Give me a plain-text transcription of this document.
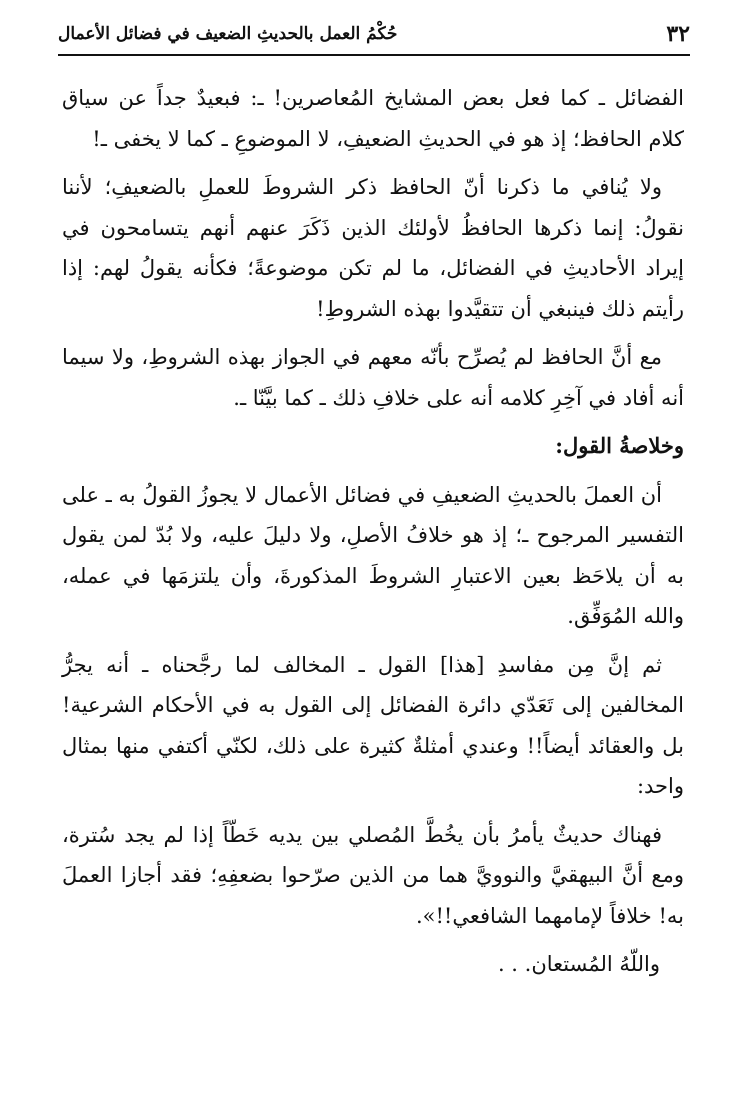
٣٢
حُكْمُ العمل بالحديثِ الضعيف في فضائل الأعمال

الفضائل ـ كما فعل بعض المشايخ المُعاصرين! ـ: فبعيدٌ جداً عن سياق كلام الحافظ؛ إذ هو في الحديثِ الضعيفِ، لا الموضوعِ ـ كما لا يخفى ـ!

ولا يُنافي ما ذكرنا أنّ الحافظ ذكر الشروطَ للعملِ بالضعيفِ؛ لأننا نقولُ: إنما ذكرها الحافظُ لأولئك الذين ذَكَرَ عنهم أنهم يتسامحون في إيراد الأحاديثِ في الفضائل، ما لم تكن موضوعةً؛ فكأنه يقولُ لهم: إذا رأيتم ذلك فينبغي أن تتقيَّدوا بهذه الشروطِ!

مع أنَّ الحافظ لم يُصرِّح بأنّه معهم في الجواز بهذه الشروطِ، ولا سيما أنه أفاد في آخِرِ كلامه أنه على خلافِ ذلك ـ كما بيَّنّا ـ.

وخلاصةُ القول:

أن العملَ بالحديثِ الضعيفِ في فضائل الأعمال لا يجوزُ القولُ به ـ على التفسير المرجوح ـ؛ إذ هو خلافُ الأصلِ، ولا دليلَ عليه، ولا بُدّ لمن يقول به أن يلاحَظ بعين الاعتبارِ الشروطَ المذكورةَ، وأن يلتزمَها في عمله، والله المُوَفِّق.

ثم إنَّ مِن مفاسدِ [هذا] القول ـ المخالف لما رجَّحناه ـ أنه يجرُّ المخالفين إلى تَعَدّي دائرة الفضائل إلى القول به في الأحكام الشرعية! بل والعقائد أيضاً!! وعندي أمثلةٌ كثيرة على ذلك، لكنّي أكتفي منها بمثال واحد:

فهناك حديثٌ يأمرُ بأن يخُطَّ المُصلي بين يديه خَطّاً إذا لم يجد سُترة، ومع أنَّ البيهقيَّ والنوويَّ هما من الذين صرّحوا بضعفِهِ؛ فقد أجازا العملَ به! خلافاً لإمامهما الشافعي!!».

واللّهُ المُستعان. . .
